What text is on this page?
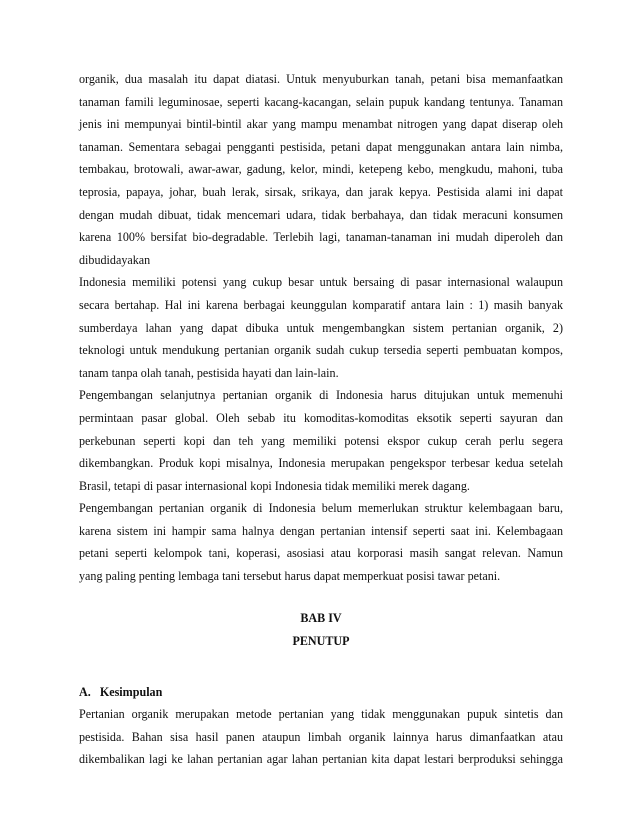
organik, dua masalah itu dapat diatasi. Untuk menyuburkan tanah, petani bisa memanfaatkan

tanaman famili leguminosae, seperti kacang-kacangan, selain pupuk kandang tentunya. Tanaman

jenis ini mempunyai bintil-bintil akar yang mampu menambat nitrogen yang dapat diserap oleh

tanaman. Sementara sebagai pengganti pestisida, petani dapat menggunakan antara lain nimba,

tembakau, brotowali, awar-awar, gadung, kelor, mindi, ketepeng kebo, mengkudu, mahoni, tuba

teprosia, papaya, johar, buah lerak, sirsak, srikaya, dan jarak kepya. Pestisida alami ini dapat

dengan mudah dibuat, tidak mencemari udara, tidak berbahaya, dan tidak meracuni konsumen

karena 100% bersifat bio-degradable. Terlebih lagi, tanaman-tanaman ini mudah diperoleh dan

dibudidayakan

Indonesia memiliki potensi yang cukup besar untuk bersaing di pasar internasional walaupun

secara bertahap. Hal ini karena berbagai keunggulan komparatif antara lain : 1) masih banyak

sumberdaya lahan yang dapat dibuka untuk mengembangkan sistem pertanian organik, 2)

teknologi untuk mendukung pertanian organik sudah cukup tersedia seperti pembuatan kompos,

tanam tanpa olah tanah, pestisida hayati dan lain-lain.

Pengembangan selanjutnya pertanian organik di Indonesia harus ditujukan untuk memenuhi

permintaan pasar global. Oleh sebab itu komoditas-komoditas eksotik seperti sayuran dan

perkebunan seperti kopi dan teh yang memiliki potensi ekspor cukup cerah perlu segera

dikembangkan. Produk kopi misalnya, Indonesia merupakan pengekspor terbesar kedua setelah

Brasil, tetapi di pasar internasional kopi Indonesia tidak memiliki merek dagang.

Pengembangan pertanian organik di Indonesia belum memerlukan struktur kelembagaan baru,

karena sistem ini hampir sama halnya dengan pertanian intensif seperti saat ini. Kelembagaan

petani seperti kelompok tani, koperasi, asosiasi atau korporasi masih sangat relevan. Namun

yang paling penting lembaga tani tersebut harus dapat memperkuat posisi tawar petani.

BAB IV
PENUTUP
A.   Kesimpulan

Pertanian organik merupakan metode pertanian yang tidak menggunakan pupuk sintetis dan

pestisida. Bahan sisa hasil panen ataupun limbah organik lainnya harus dimanfaatkan atau

dikembalikan lagi ke lahan pertanian agar lahan pertanian kita dapat lestari berproduksi sehingga
